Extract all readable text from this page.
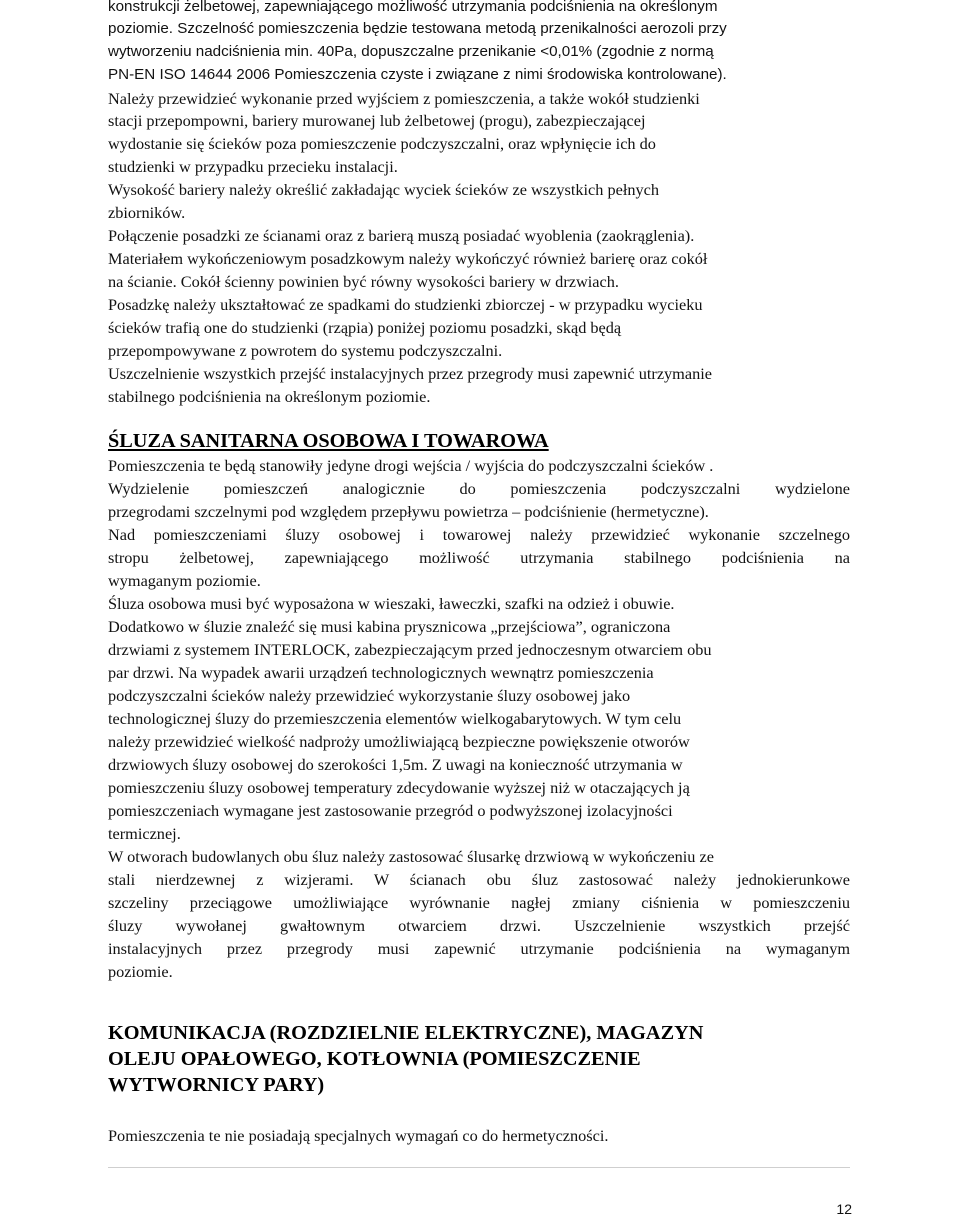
konstrukcji żelbetowej, zapewniającego możliwość utrzymania podciśnienia na określonym
poziomie. Szczelność pomieszczenia będzie testowana metodą przenikalności aerozoli przy
wytworzeniu nadciśnienia min. 40Pa, dopuszczalne przenikanie <0,01% (zgodnie z normą
PN-EN ISO 14644 2006 Pomieszczenia czyste i związane z nimi środowiska kontrolowane).
Należy przewidzieć wykonanie przed wyjściem z pomieszczenia, a także wokół studzienki
stacji przepompowni, bariery murowanej lub żelbetowej (progu), zabezpieczającej
wydostanie się ścieków poza pomieszczenie podczyszczalni, oraz wpłynięcie ich do
studzienki w przypadku przecieku instalacji.
Wysokość bariery należy określić zakładając wyciek ścieków ze wszystkich pełnych
zbiorników.
Połączenie posadzki ze ścianami oraz z barierą muszą posiadać wyoblenia (zaokrąglenia).
Materiałem wykończeniowym posadzkowym należy wykończyć również barierę oraz cokół
na ścianie. Cokół ścienny powinien być równy wysokości bariery w drzwiach.
Posadzkę należy ukształtować ze spadkami do studzienki zbiorczej - w przypadku wycieku
ścieków trafią one do studzienki (rząpia) poniżej poziomu posadzki, skąd będą
przepompowywane z powrotem do systemu podczyszczalni.
Uszczelnienie wszystkich przejść instalacyjnych przez przegrody musi zapewnić utrzymanie
stabilnego podciśnienia na określonym poziomie.
ŚLUZA SANITARNA OSOBOWA I TOWAROWA
Pomieszczenia te będą stanowiły jedyne drogi wejścia / wyjścia do podczyszczalni ścieków .
Wydzielenie pomieszczeń analogicznie do pomieszczenia podczyszczalni wydzielone
przegrodami szczelnymi pod względem przepływu powietrza – podciśnienie (hermetyczne).
Nad pomieszczeniami śluzy osobowej i towarowej należy przewidzieć wykonanie szczelnego
stropu żelbetowej, zapewniającego możliwość utrzymania stabilnego podciśnienia na
wymaganym poziomie.
Śluza osobowa musi być wyposażona w wieszaki, ławeczki, szafki na odzież i obuwie.
Dodatkowo w śluzie znaleźć się musi kabina prysznicowa „przejściowa”, ograniczona
drzwiami z systemem INTERLOCK, zabezpieczającym przed jednoczesnym otwarciem obu
par drzwi. Na wypadek awarii urządzeń technologicznych wewnątrz pomieszczenia
podczyszczalni ścieków należy przewidzieć wykorzystanie śluzy osobowej jako
technologicznej śluzy do przemieszczenia elementów wielkogabarytowych. W tym celu
należy przewidzieć wielkość nadprożу umożliwiającą bezpieczne powiększenie otworów
drzwiowych śluzy osobowej do szerokości 1,5m. Z uwagi na konieczność utrzymania w
pomieszczeniu śluzy osobowej temperatury zdecydowanie wyższej niż w otaczających ją
pomieszczeniach wymagane jest zastosowanie przegród o podwyższonej izolacyjności
termicznej.
W otworach budowlanych obu śluz należy zastosować ślusarkę drzwiową w wykończeniu ze
stali nierdzewnej z wizjerami. W ścianach obu śluz zastosować należy jednokierunkowe
szczeliny przeciągowe umożliwiające wyrównanie nagłej zmiany ciśnienia w pomieszczeniu
śluzy wywołanej gwałtownym otwarciem drzwi. Uszczelnienie wszystkich przejść
instalacyjnych przez przegrody musi zapewnić utrzymanie podciśnienia na wymaganym
poziomie.
KOMUNIKACJA (ROZDZIELNIE ELEKTRYCZNE), MAGAZYN
OLEJU OPAŁOWEGO, KOTŁOWNIA (POMIESZCZENIE
WYTWORNICY PARY)
Pomieszczenia te nie posiadają specjalnych wymagań co do hermetyczności.
12
